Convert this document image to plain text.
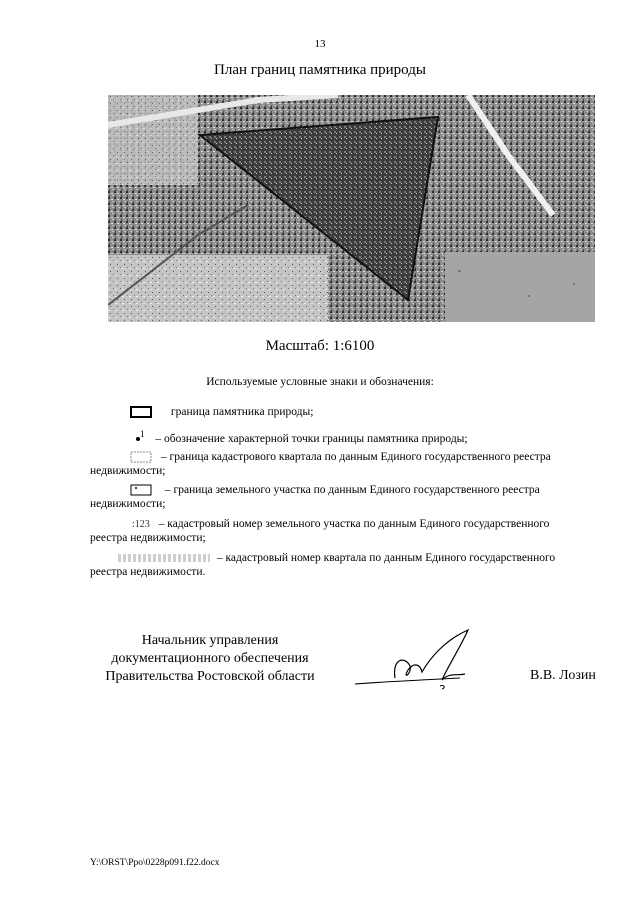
13
План границ памятника природы
Масштаб: 1:6100
Используемые условные знаки и обозначения:
граница памятника природы;
$^1$ – обозначение характерной точки границы памятника природы;
– граница кадастрового квартала по данным Единого государственного реестра
недвижимости;
– граница земельного участка по данным Единого государственного реестра
недвижимости;
:123 – кадастровый номер земельного участка по данным Единого государственного
реестра недвижимости;
– кадастровый номер квартала по данным Единого государственного
реестра недвижимости.
Начальник управления
документационного обеспечения
Правительства Ростовской области	В.В. Лозин
Y:\ORST\Ppo\0228p091.f22.docx
